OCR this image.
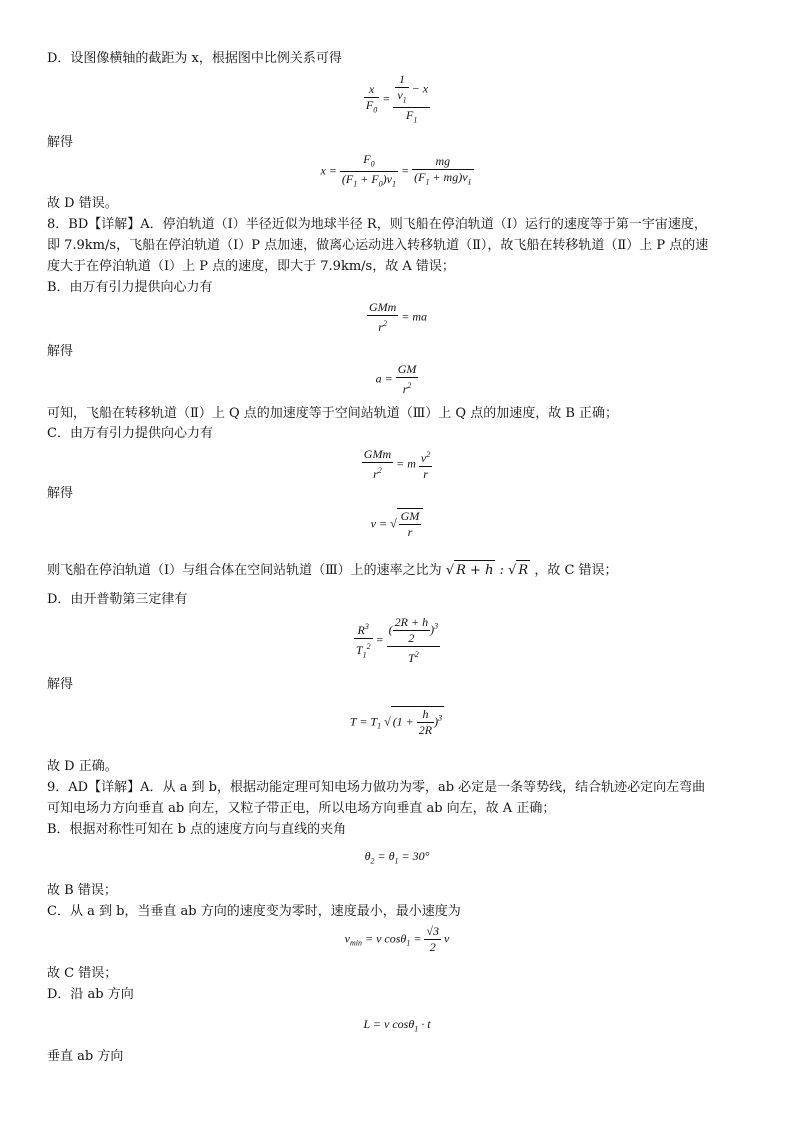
D．设图像横轴的截距为 x，根据图中比例关系可得
$\frac{x}{F_0} = \frac{\frac{1}{v_1} - x}{F_1}$
解得
$x = \frac{F_0}{(F_1 + F_0)v_1} = \frac{mg}{(F_1 + mg)v_1}$
故 D 错误。
8．BD【详解】A．停泊轨道（I）半径近似为地球半径 R，则飞船在停泊轨道（I）运行的速度等于第一宇宙速度，
即 7.9km/s，飞船在停泊轨道（I）P 点加速，做离心运动进入转移轨道（Ⅱ），故飞船在转移轨道（Ⅱ）上 P 点的速
度大于在停泊轨道（I）上 P 点的速度，即大于 7.9km/s，故 A 错误；
B．由万有引力提供向心力有
$\frac{\text{GMm}}{r^2}$ = ma
解得
$a = \frac{GM}{r^2}$
可知，飞船在转移轨道（Ⅱ）上 Q 点的加速度等于空间站轨道（Ⅲ）上 Q 点的加速度，故 B 正确；
C．由万有引力提供向心力有
$\frac{\text{GMm}}{r^2} = m \frac{v^2}{r}$
解得
v = √ $\frac{GM}{r}$
则飞船在停泊轨道（I）与组合体在空间站轨道（Ⅲ）上的速率之比为 √ R + h : √ R ，故 C 错误；
D．由开普勒第三定律有
$\frac{R^3}{T_1^2} = \frac{( \frac{2R + h}{2} )^3}{T^2}$
解得
$T = T_1$ √ $(1 + \frac{h}{2R} )^3$
故 D 正确。
9．AD【详解】A．从 a 到 b，根据动能定理可知电场力做功为零，ab 必定是一条等势线，结合轨迹必定向左弯曲
可知电场力方向垂直 ab 向左，又粒子带正电，所以电场方向垂直 ab 向左，故 A 正确；
B．根据对称性可知在 b 点的速度方向与直线的夹角
$\theta_2 = \theta_1 = 30^\circ$
故 B 错误；
C．从 a 到 b，当垂直 ab 方向的速度变为零时，速度最小，最小速度为
$v_{min} = v$ $\cos\theta_1 = \frac{√3}{2}$ v
故 C 错误；
D．沿 ab 方向
L = v cosθ$_1$ · t
垂直 ab 方向
